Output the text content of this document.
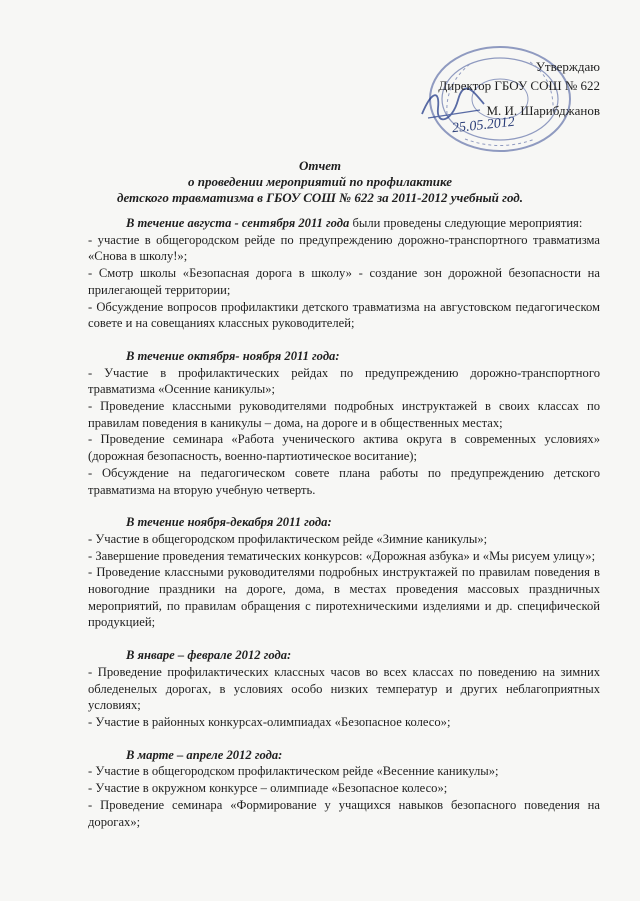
25.05.2012
Утверждаю
Директор ГБОУ СОШ № 622
М. И. Шарибджанов
Отчет
о проведении мероприятий по профилактике
детского травматизма в ГБОУ СОШ № 622 за 2011-2012 учебный год.

В течение августа - сентября 2011 года были проведены следующие мероприятия:

- участие в общегородском рейде по предупреждению дорожно-транспортного травматизма «Снова в школу!»;

- Смотр школы «Безопасная дорога в школу» - создание зон дорожной безопасности на прилегающей территории;

- Обсуждение вопросов профилактики детского травматизма на августовском педагогическом совете и на совещаниях классных руководителей;

В течение октября- ноября 2011 года:

- Участие в профилактических рейдах по предупреждению дорожно-транспортного травматизма «Осенние каникулы»;

- Проведение классными руководителями подробных инструктажей в своих классах по правилам поведения в каникулы – дома, на дороге и в общественных местах;

- Проведение семинара «Работа ученического актива округа в современных условиях» (дорожная безопасность, военно-партиотическое воситание);

- Обсуждение на педагогическом совете плана работы по предупреждению детского травматизма на вторую учебную четверть.

В течение ноября-декабря 2011 года:

- Участие в общегородском профилактическом рейде «Зимние каникулы»;

- Завершение проведения тематических конкурсов: «Дорожная азбука» и «Мы рисуем улицу»;

- Проведение классными руководителями подробных инструктажей по правилам поведения в новогодние праздники на дороге, дома, в местах проведения массовых праздничных мероприятий, по правилам обращения с пиротехническими изделиями и др. специфической продукцией;

В январе – феврале 2012 года:

- Проведение профилактических классных часов во всех классах по поведению на зимних обледенелых дорогах, в условиях особо низких температур и других неблагоприятных условиях;

- Участие в районных конкурсах-олимпиадах «Безопасное колесо»;

В марте – апреле 2012 года:

- Участие в общегородском профилактическом рейде «Весенние каникулы»;

- Участие в окружном конкурсе – олимпиаде «Безопасное колесо»;

- Проведение семинара «Формирование у учащихся навыков безопасного поведения на дорогах»;
